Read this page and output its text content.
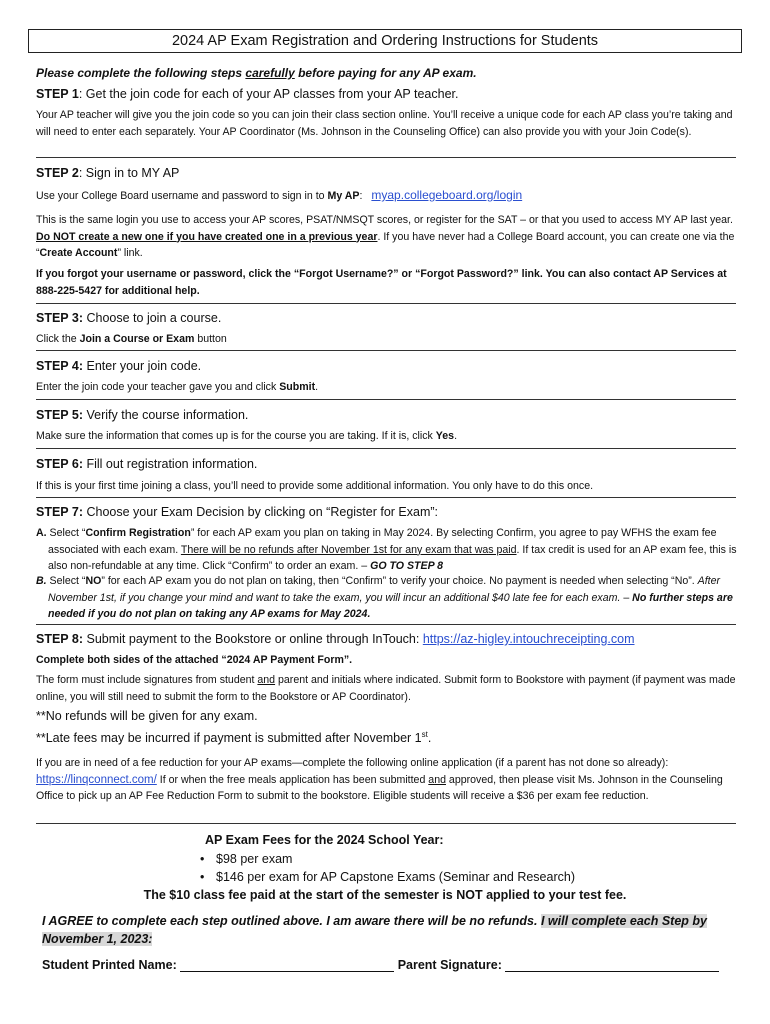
2024 AP Exam Registration and Ordering Instructions for Students
Please complete the following steps carefully before paying for any AP exam.
STEP 1: Get the join code for each of your AP classes from your AP teacher.
Your AP teacher will give you the join code so you can join their class section online. You’ll receive a unique code for each AP class you’re taking and will need to enter each separately. Your AP Coordinator (Ms. Johnson in the Counseling Office) can also provide you with your Join Code(s).
STEP 2: Sign in to MY AP
Use your College Board username and password to sign in to My AP: myap.collegeboard.org/login
This is the same login you use to access your AP scores, PSAT/NMSQT scores, or register for the SAT – or that you used to access MY AP last year. Do NOT create a new one if you have created one in a previous year. If you have never had a College Board account, you can create one via the “Create Account” link.
If you forgot your username or password, click the “Forgot Username?” or “Forgot Password?” link. You can also contact AP Services at 888-225-5427 for additional help.
STEP 3: Choose to join a course.
Click the Join a Course or Exam button
STEP 4: Enter your join code.
Enter the join code your teacher gave you and click Submit.
STEP 5: Verify the course information.
Make sure the information that comes up is for the course you are taking. If it is, click Yes.
STEP 6: Fill out registration information.
If this is your first time joining a class, you’ll need to provide some additional information. You only have to do this once.
STEP 7: Choose your Exam Decision by clicking on “Register for Exam”:
A. Select “Confirm Registration” for each AP exam you plan on taking in May 2024. By selecting Confirm, you agree to pay WFHS the exam fee associated with each exam. There will be no refunds after November 1st for any exam that was paid. If tax credit is used for an AP exam fee, this is also non-refundable at any time. Click “Confirm” to order an exam. – GO TO STEP 8
B. Select “NO” for each AP exam you do not plan on taking, then “Confirm” to verify your choice. No payment is needed when selecting “No”. After November 1st, if you change your mind and want to take the exam, you will incur an additional $40 late fee for each exam. – No further steps are needed if you do not plan on taking any AP exams for May 2024.
STEP 8: Submit payment to the Bookstore or online through InTouch: https://az-higley.intouchreceipting.com
Complete both sides of the attached “2024 AP Payment Form”.
The form must include signatures from student and parent and initials where indicated. Submit form to Bookstore with payment (if payment was made online, you will still need to submit the form to the Bookstore or AP Coordinator).
**No refunds will be given for any exam.
**Late fees may be incurred if payment is submitted after November 1st.
If you are in need of a fee reduction for your AP exams—complete the following online application (if a parent has not done so already): https://linqconnect.com/ If or when the free meals application has been submitted and approved, then please visit Ms. Johnson in the Counseling Office to pick up an AP Fee Reduction Form to submit to the bookstore. Eligible students will receive a $36 per exam fee reduction.
AP Exam Fees for the 2024 School Year:
• $98 per exam
• $146 per exam for AP Capstone Exams (Seminar and Research)
The $10 class fee paid at the start of the semester is NOT applied to your test fee.
I AGREE to complete each step outlined above. I am aware there will be no refunds. I will complete each Step by
November 1, 2023:
Student Printed Name:	Parent Signature:
